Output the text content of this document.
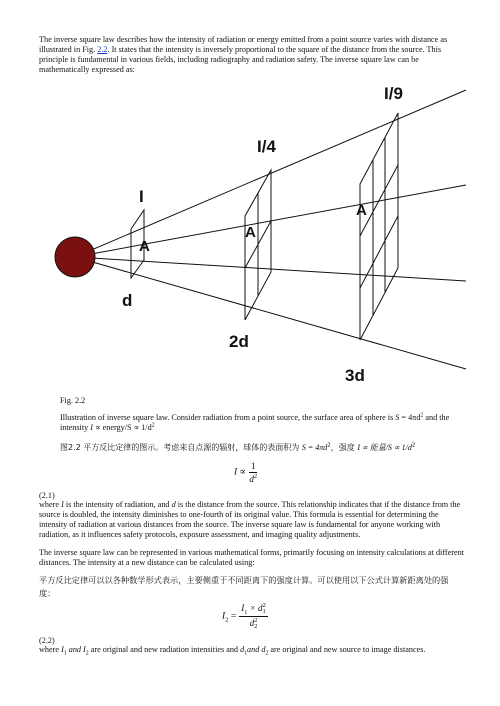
The inverse square law describes how the intensity of radiation or energy emitted from a point source varies with distance as illustrated in Fig. 2.2. It states that the intensity is inversely proportional to the square of the distance from the source. This principle is fundamental in various fields, including radiography and radiation safety. The inverse square law can be mathematically expressed as:
I
I/4
I/9
A
A
A
d
2d
3d
Fig. 2.2
Illustration of inverse square law. Consider radiation from a point source, the surface area of sphere is $S = 4\pi d^2$ and the intensity I ∝ energy/S ∝ $1/d^2$
图2.2 平方反比定律的图示。考虑来自点源的辐射，球体的表面积为 $S = 4\pi d^2$，强度 I ∝ 能量$/S \propto 1/d^2$
$I \propto \frac{1}{d^2}$
(2.1)
where I is the intensity of radiation, and d is the distance from the source. This relationship indicates that if the distance from the source is doubled, the intensity diminishes to one-fourth of its original value. This formula is essential for determining the intensity of radiation at various distances from the source. The inverse square law is fundamental for anyone working with radiation, as it influences safety protocols, exposure assessment, and imaging quality adjustments.
The inverse square law can be represented in various mathematical forms, primarily focusing on intensity calculations at different distances. The intensity at a new distance can be calculated using:
平方反比定律可以以各种数学形式表示，主要侧重于不同距离下的强度计算。可以使用以下公式计算新距离处的强度：
$I_2 = I_1 \times d$ 2
1
d 2
2
(2.2)
where $I_1$ and $I_2$ are original and new radiation intensities and $d_1and$ $d_2$ are original and new source to image distances.
